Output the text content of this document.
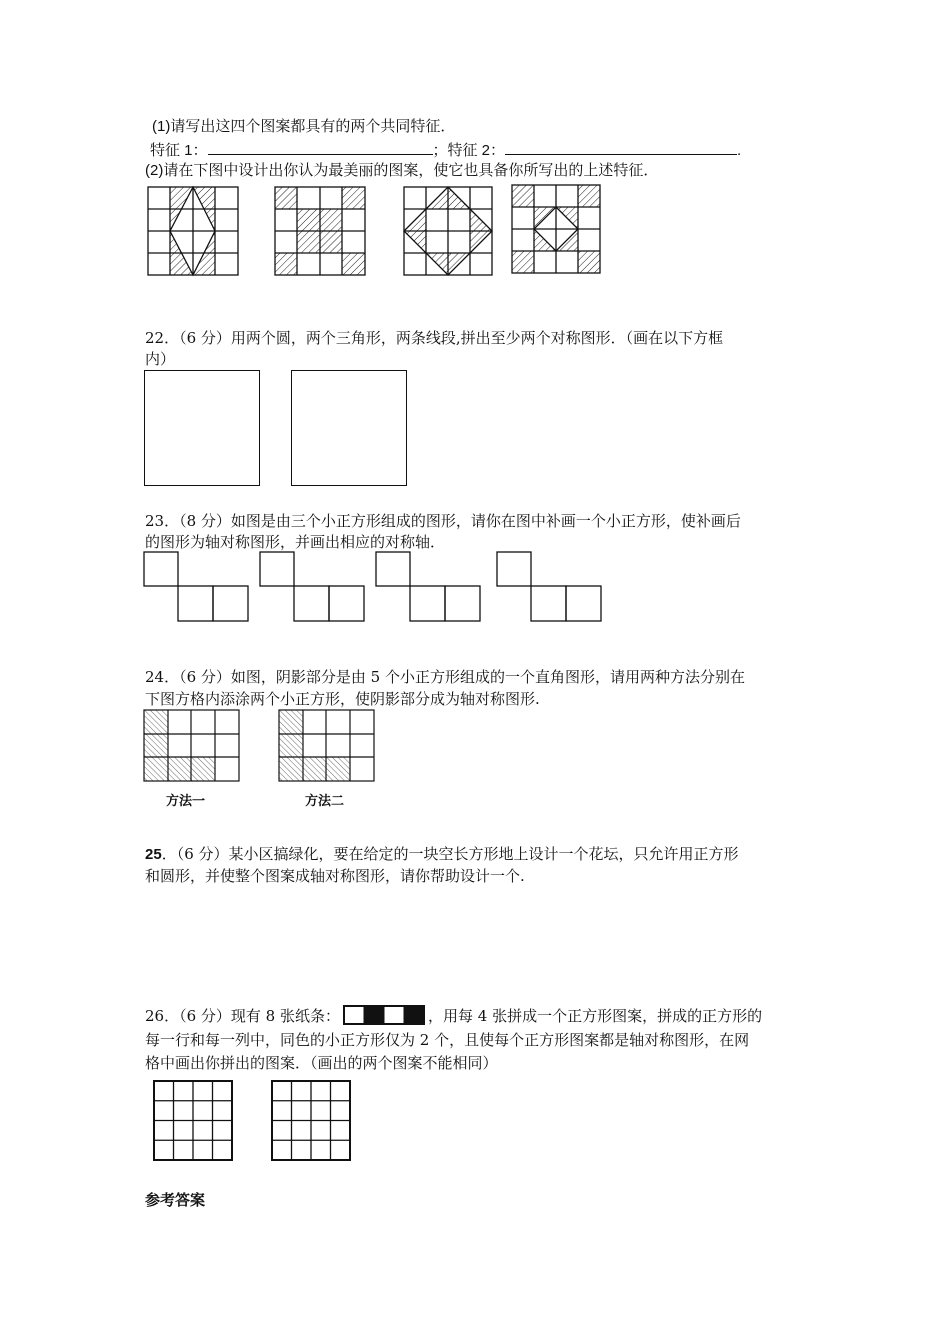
(1)请写出这四个图案都具有的两个共同特征．
特征 1：	；特征 2：	.
(2)请在下图中设计出你认为最美丽的图案，使它也具备你所写出的上述特征．
22．（6 分）用两个圆，两个三角形，两条线段,拼出至少两个对称图形．（画在以下方框
内）
23．（8 分）如图是由三个小正方形组成的图形，请你在图中补画一个小正方形，使补画后
的图形为轴对称图形，并画出相应的对称轴．
24．（6 分）如图，阴影部分是由 5 个小正方形组成的一个直角图形，请用两种方法分别在
下图方格内添涂两个小正方形，使阴影部分成为轴对称图形.
方法一	方法二
25．（6 分）某小区搞绿化，要在给定的一块空长方形地上设计一个花坛，只允许用正方形
和圆形，并使整个图案成轴对称图形，请你帮助设计一个.
26．（6 分）现有 8 张纸条：	，用每 4 张拼成一个正方形图案，拼成的正方形的
每一行和每一列中，同色的小正方形仅为 2 个，且使每个正方形图案都是轴对称图形，在网
格中画出你拼出的图案．（画出的两个图案不能相同）
参考答案
